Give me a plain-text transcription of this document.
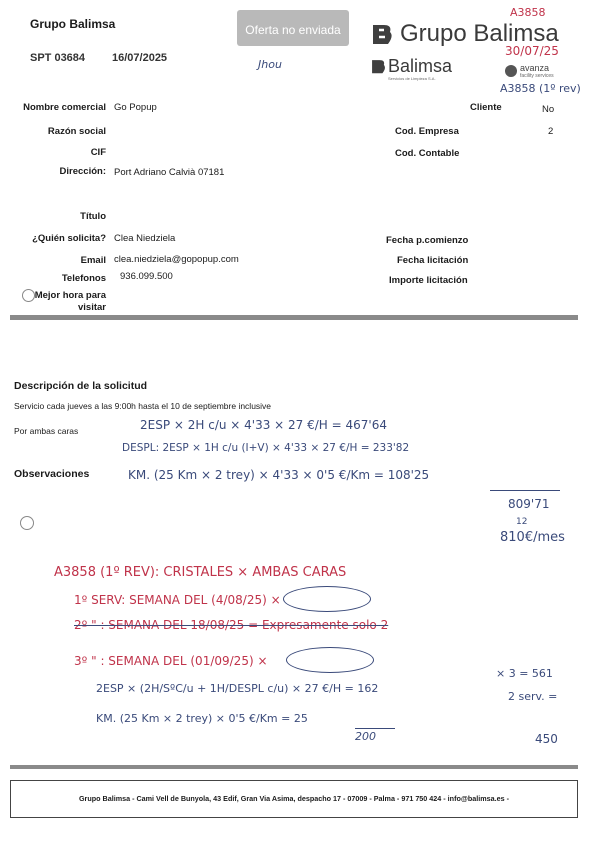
Grupo Balimsa
SPT 03684 16/07/2025
Oferta no enviada
Jhou
Grupo Balimsa
Balimsa
Servicios de Limpieza S.A.
avanza
facility services
A3858
30/07/25
A3858 (1º rev)
Nombre comercial Go Popup
Razón social
CIF
Dirección: Port Adriano Calvià 07181
Título
¿Quién solicita? Clea Niedziela
Email clea.niedziela@gopopup.com
Telefonos 936.099.500
Mejor hora para
visitar
Cliente	No
Cod. Empresa	2
Cod. Contable
Fecha p.comienzo
Fecha licitación
Importe licitación
Descripción de la solicitud
Servicio cada jueves a las 9:00h hasta el 10 de septiembre inclusive
Por ambas caras
Observaciones
2ESP × 2H c/u × 4'33 × 27 €/H = 467'64
DESPL: 2ESP × 1H c/u (I+V) × 4'33 × 27 €/H = 233'82
KM. (25 Km × 2 trey) × 4'33 × 0'5 €/Km = 108'25
809'71
12
810€/mes
A3858 (1º REV): CRISTALES × AMBAS CARAS
1º SERV: SEMANA DEL (4/08/25) ×
2º " : SEMANA DEL 18/08/25 = Expresamente solo 2
3º " : SEMANA DEL (01/09/25) ×
2ESP × (2H/SºC/u + 1H/DESPL c/u) × 27 €/H = 162
KM. (25 Km × 2 trey) × 0'5 €/Km = 25
200
× 3 = 561
2 serv. =
450
Grupo Balimsa - Cami Vell de Bunyola, 43 Edif, Gran Via Asima, despacho 17 - 07009 - Palma - 971 750 424 - info@balimsa.es -
